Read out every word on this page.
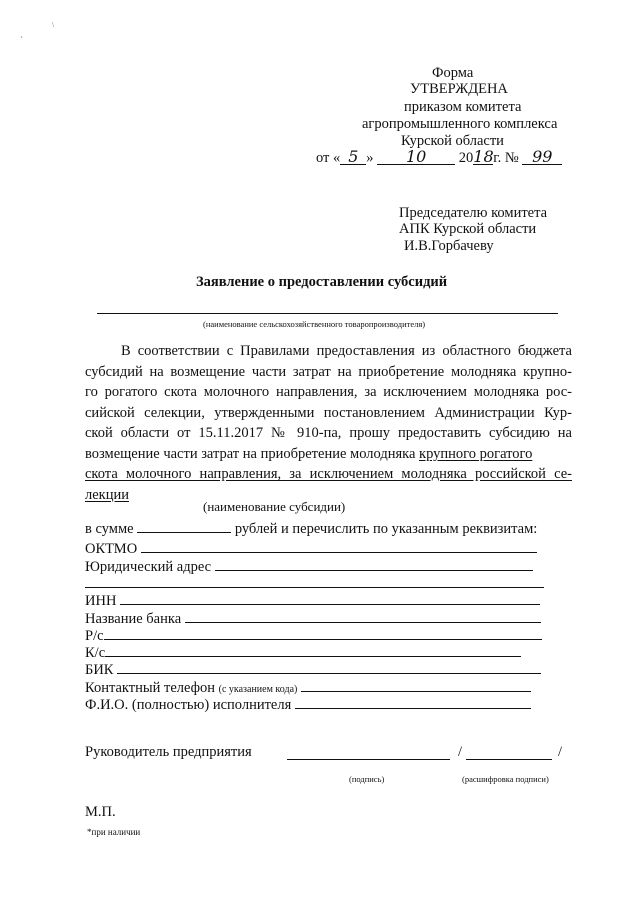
`
\
Форма
УТВЕРЖДЕНА
приказом комитета
агропромышленного комплекса
Курской области
от « 5 » 10 2018г. № 99
Председателю комитета
АПК Курской области
И.В.Горбачеву
Заявление о предоставлении субсидий
(наименование сельскохозяйственного товаропроизводителя)
В соответствии с Правилами предоставления из областного бюджета
субсидий на возмещение части затрат на приобретение молодняка крупно-
го рогатого скота молочного направления, за исключением молодняка рос-
сийской селекции, утвержденными постановлением Администрации Кур-
ской области от 15.11.2017 № 910-па, прошу предоставить субсидию на
возмещение части затрат на приобретение молодняка крупного рогатого
скота молочного направления, за исключением молодняка российской се-
лекции
(наименование субсидии)
в сумме	рублей и перечислить по указанным реквизитам:
ОКТМО
Юридический адрес
ИНН
Название банка
Р/с
К/с
БИК
Контактный телефон (с указанием кода)
Ф.И.О. (полностью) исполнителя
Руководитель предприятия	/	/
(подпись)	(расшифровка подписи)
М.П.
*при наличии
